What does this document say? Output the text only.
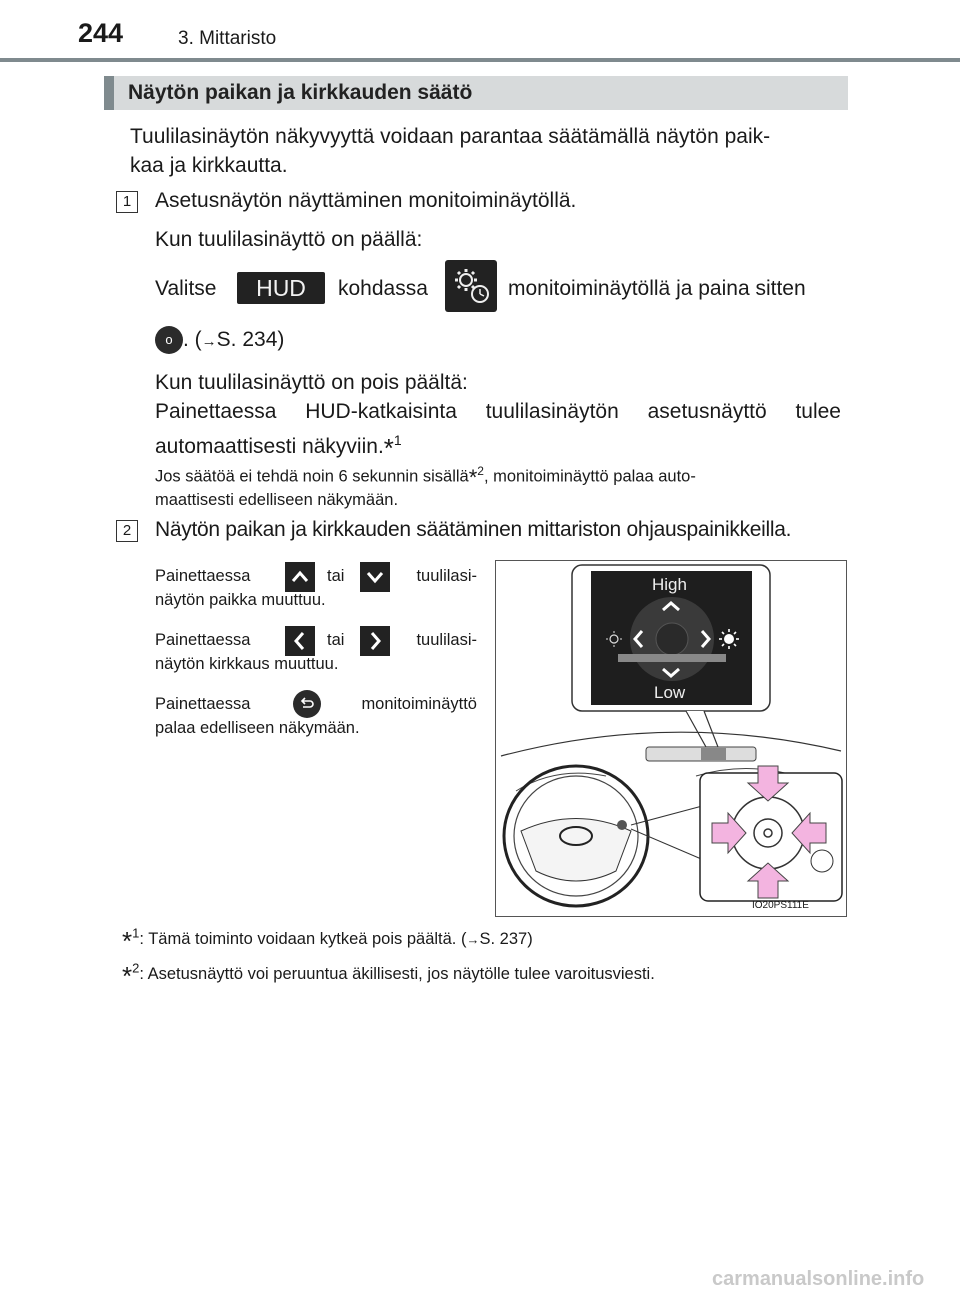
244	3. Mittaristo
Näytön paikan ja kirkkauden säätö
Tuulilasinäytön näkyvyyttä voidaan parantaa säätämällä näytön paik-
kaa ja kirkkautta.
1	Asetusnäytön näyttäminen monitoiminäytöllä.
Kun tuulilasinäyttö on päällä:
Valitse	HUD	kohdassa	monitoiminäytöllä ja paina sitten
o . (→S. 234)
Kun tuulilasinäyttö on pois päältä:
Painettaessa HUD-katkaisinta tuulilasinäytön asetusnäyttö tulee
automaattisesti näkyviin.*$^1$
Jos säätöä ei tehdä noin 6 sekunnin sisällä*$^2$, monitoiminäyttö palaa auto-
maattisesti edelliseen näkymään.
2	Näytön paikan ja kirkkauden säätäminen mittariston ohjauspainikkeilla.
Painettaessa	tai	tuulilasi-
näytön paikka muuttuu.
Painettaessa	tai	tuulilasi-
näytön kirkkaus muuttuu.
Painettaessa	monitoiminäyttö
palaa edelliseen näkymään.
High
Low
IO20PS111E
*$^1$: Tämä toiminto voidaan kytkeä pois päältä. (→S. 237)
*$^2$: Asetusnäyttö voi peruuntua äkillisesti, jos näytölle tulee varoitusviesti.
carmanualsonline.info
